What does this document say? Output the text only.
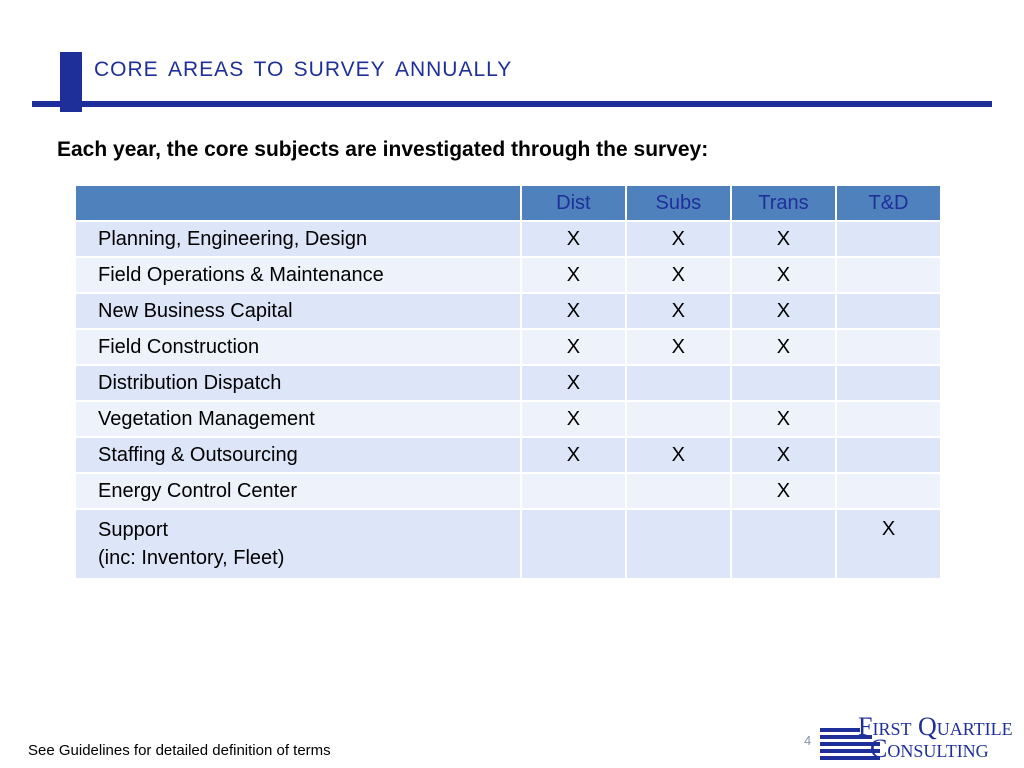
core areas to survey annually
Each year, the core subjects are investigated through the survey:
	Dist	Subs	Trans	T&D
Planning, Engineering, Design	X	X	X	
Field Operations & Maintenance	X	X	X	
New Business Capital	X	X	X	
Field Construction	X	X	X	
Distribution Dispatch	X			
Vegetation Management	X		X	
Staffing & Outsourcing	X	X	X	
Energy Control Center			X	

Support
(inc: Inventory, Fleet)				X
See Guidelines for detailed definition of terms
4 First Quartile
Consulting
